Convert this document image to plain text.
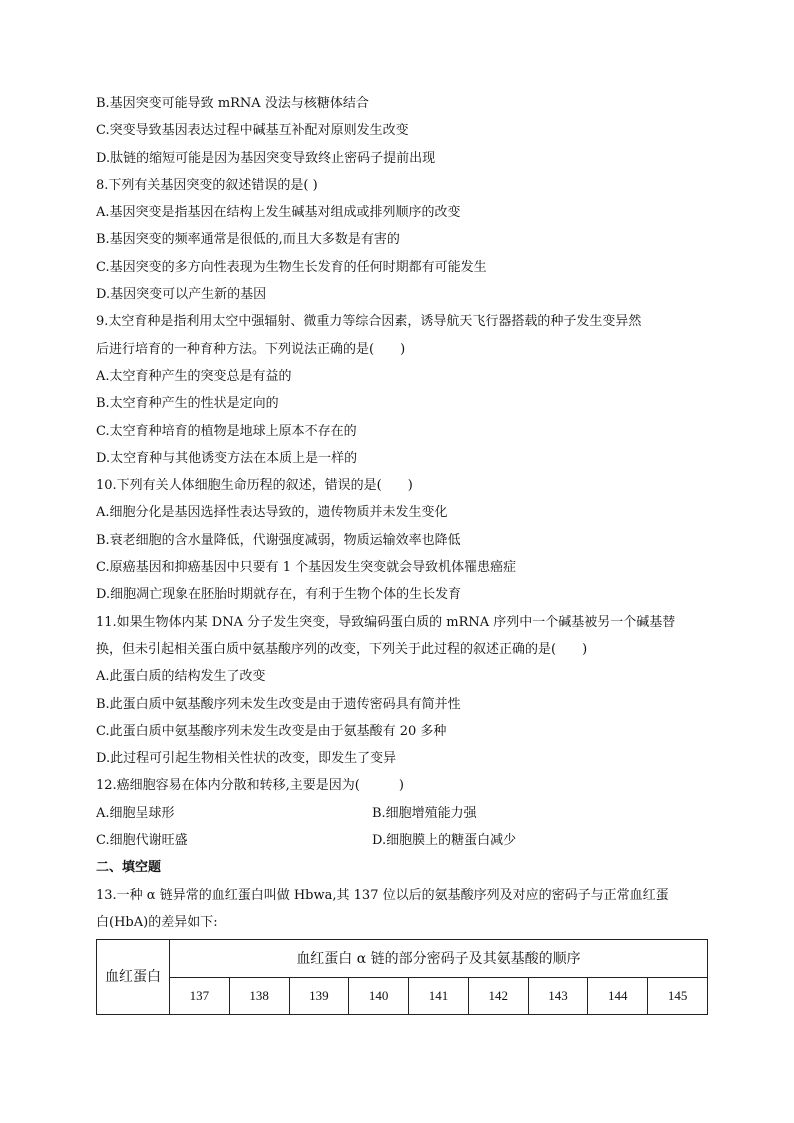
B.基因突变可能导致 mRNA 没法与核糖体结合
C.突变导致基因表达过程中碱基互补配对原则发生改变
D.肽链的缩短可能是因为基因突变导致终止密码子提前出现
8.下列有关基因突变的叙述错误的是( )
A.基因突变是指基因在结构上发生碱基对组成或排列顺序的改变
B.基因突变的频率通常是很低的,而且大多数是有害的
C.基因突变的多方向性表现为生物生长发育的任何时期都有可能发生
D.基因突变可以产生新的基因
9.太空育种是指利用太空中强辐射、微重力等综合因素，诱导航天飞行器搭载的种子发生变异然
后进行培育的一种育种方法。下列说法正确的是(　　)
A.太空育种产生的突变总是有益的
B.太空育种产生的性状是定向的
C.太空育种培育的植物是地球上原本不存在的
D.太空育种与其他诱变方法在本质上是一样的
10.下列有关人体细胞生命历程的叙述，错误的是(　　)
A.细胞分化是基因选择性表达导致的，遗传物质并未发生变化
B.衰老细胞的含水量降低，代谢强度减弱，物质运输效率也降低
C.原癌基因和抑癌基因中只要有 1 个基因发生突变就会导致机体罹患癌症
D.细胞凋亡现象在胚胎时期就存在，有利于生物个体的生长发育
11.如果生物体内某 DNA 分子发生突变，导致编码蛋白质的 mRNA 序列中一个碱基被另一个碱基替
换，但未引起相关蛋白质中氨基酸序列的改变，下列关于此过程的叙述正确的是(　　)
A.此蛋白质的结构发生了改变
B.此蛋白质中氨基酸序列未发生改变是由于遗传密码具有简并性
C.此蛋白质中氨基酸序列未发生改变是由于氨基酸有 20 多种
D.此过程可引起生物相关性状的改变，即发生了变异
12.癌细胞容易在体内分散和转移,主要是因为(　　　)
A.细胞呈球形	B.细胞增殖能力强
C.细胞代谢旺盛	D.细胞膜上的糖蛋白减少
二、填空题
13.一种 α 链异常的血红蛋白叫做 Hbwa,其 137 位以后的氨基酸序列及对应的密码子与正常血红蛋
白(HbA)的差异如下:
血红蛋白	血红蛋白 α 链的部分密码子及其氨基酸的顺序								
	137	138	139	140	141	142	143	144	145
